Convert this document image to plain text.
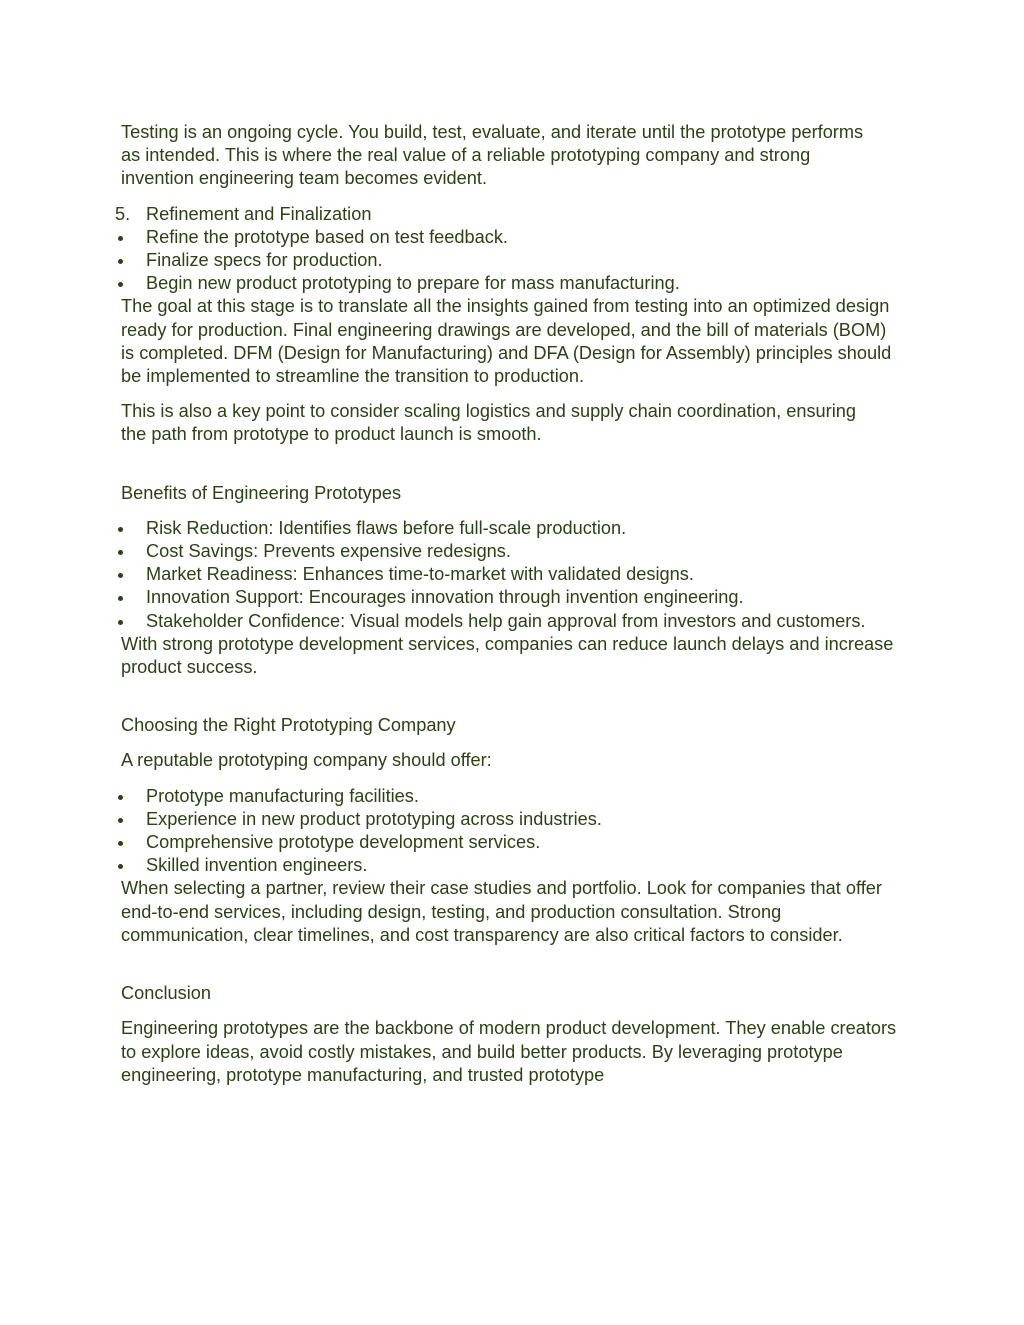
Testing is an ongoing cycle. You build, test, evaluate, and iterate until the prototype performs as intended. This is where the real value of a reliable prototyping company and strong invention engineering team becomes evident.

5. Refinement and Finalization
Refine the prototype based on test feedback.
Finalize specs for production.
Begin new product prototyping to prepare for mass manufacturing.

The goal at this stage is to translate all the insights gained from testing into an optimized design ready for production. Final engineering drawings are developed, and the bill of materials (BOM) is completed. DFM (Design for Manufacturing) and DFA (Design for Assembly) principles should be implemented to streamline the transition to production.

This is also a key point to consider scaling logistics and supply chain coordination, ensuring the path from prototype to product launch is smooth.

Benefits of Engineering Prototypes

Risk Reduction: Identifies flaws before full-scale production.
Cost Savings: Prevents expensive redesigns.
Market Readiness: Enhances time-to-market with validated designs.
Innovation Support: Encourages innovation through invention engineering.
Stakeholder Confidence: Visual models help gain approval from investors and customers.

With strong prototype development services, companies can reduce launch delays and increase product success.

Choosing the Right Prototyping Company

A reputable prototyping company should offer:

Prototype manufacturing facilities.
Experience in new product prototyping across industries.
Comprehensive prototype development services.
Skilled invention engineers.

When selecting a partner, review their case studies and portfolio. Look for companies that offer end-to-end services, including design, testing, and production consultation. Strong communication, clear timelines, and cost transparency are also critical factors to consider.

Conclusion

Engineering prototypes are the backbone of modern product development. They enable creators to explore ideas, avoid costly mistakes, and build better products. By leveraging prototype engineering, prototype manufacturing, and trusted prototype
